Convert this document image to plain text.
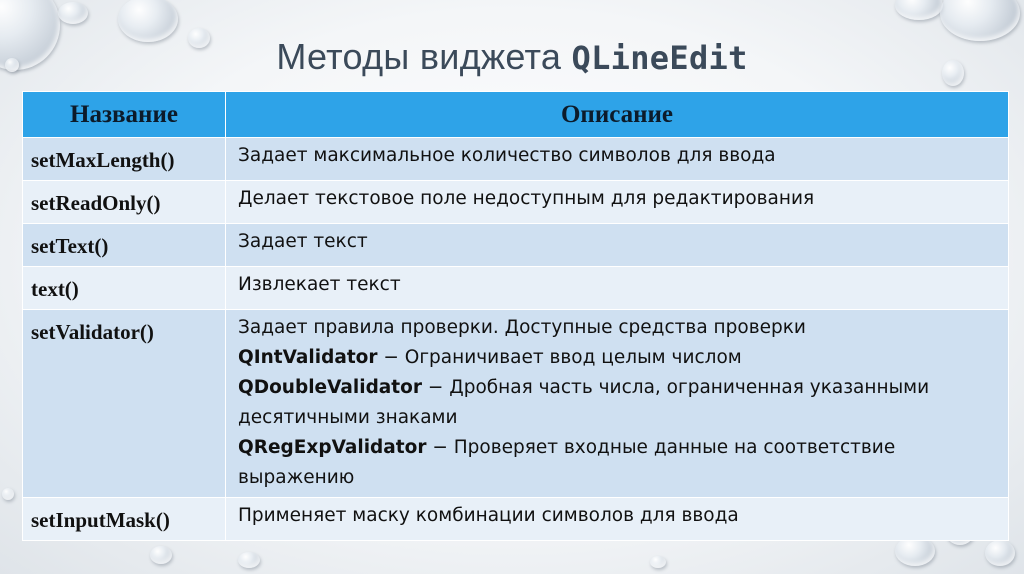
Методы виджета QLineEdit
Название	Описание
setMaxLength()	Задает максимальное количество символов для ввода
setReadOnly()	Делает текстовое поле недоступным для редактирования
setText()	Задает текст
text()	Извлекает текст
setValidator()	Задает правила проверки. Доступные средства проверки
QIntValidator − Ограничивает ввод целым числом
QDoubleValidator − Дробная часть числа, ограниченная указанными десятичными знаками
QRegExpValidator − Проверяет входные данные на соответствие выражению

setInputMask()	Применяет маску комбинации символов для ввода
